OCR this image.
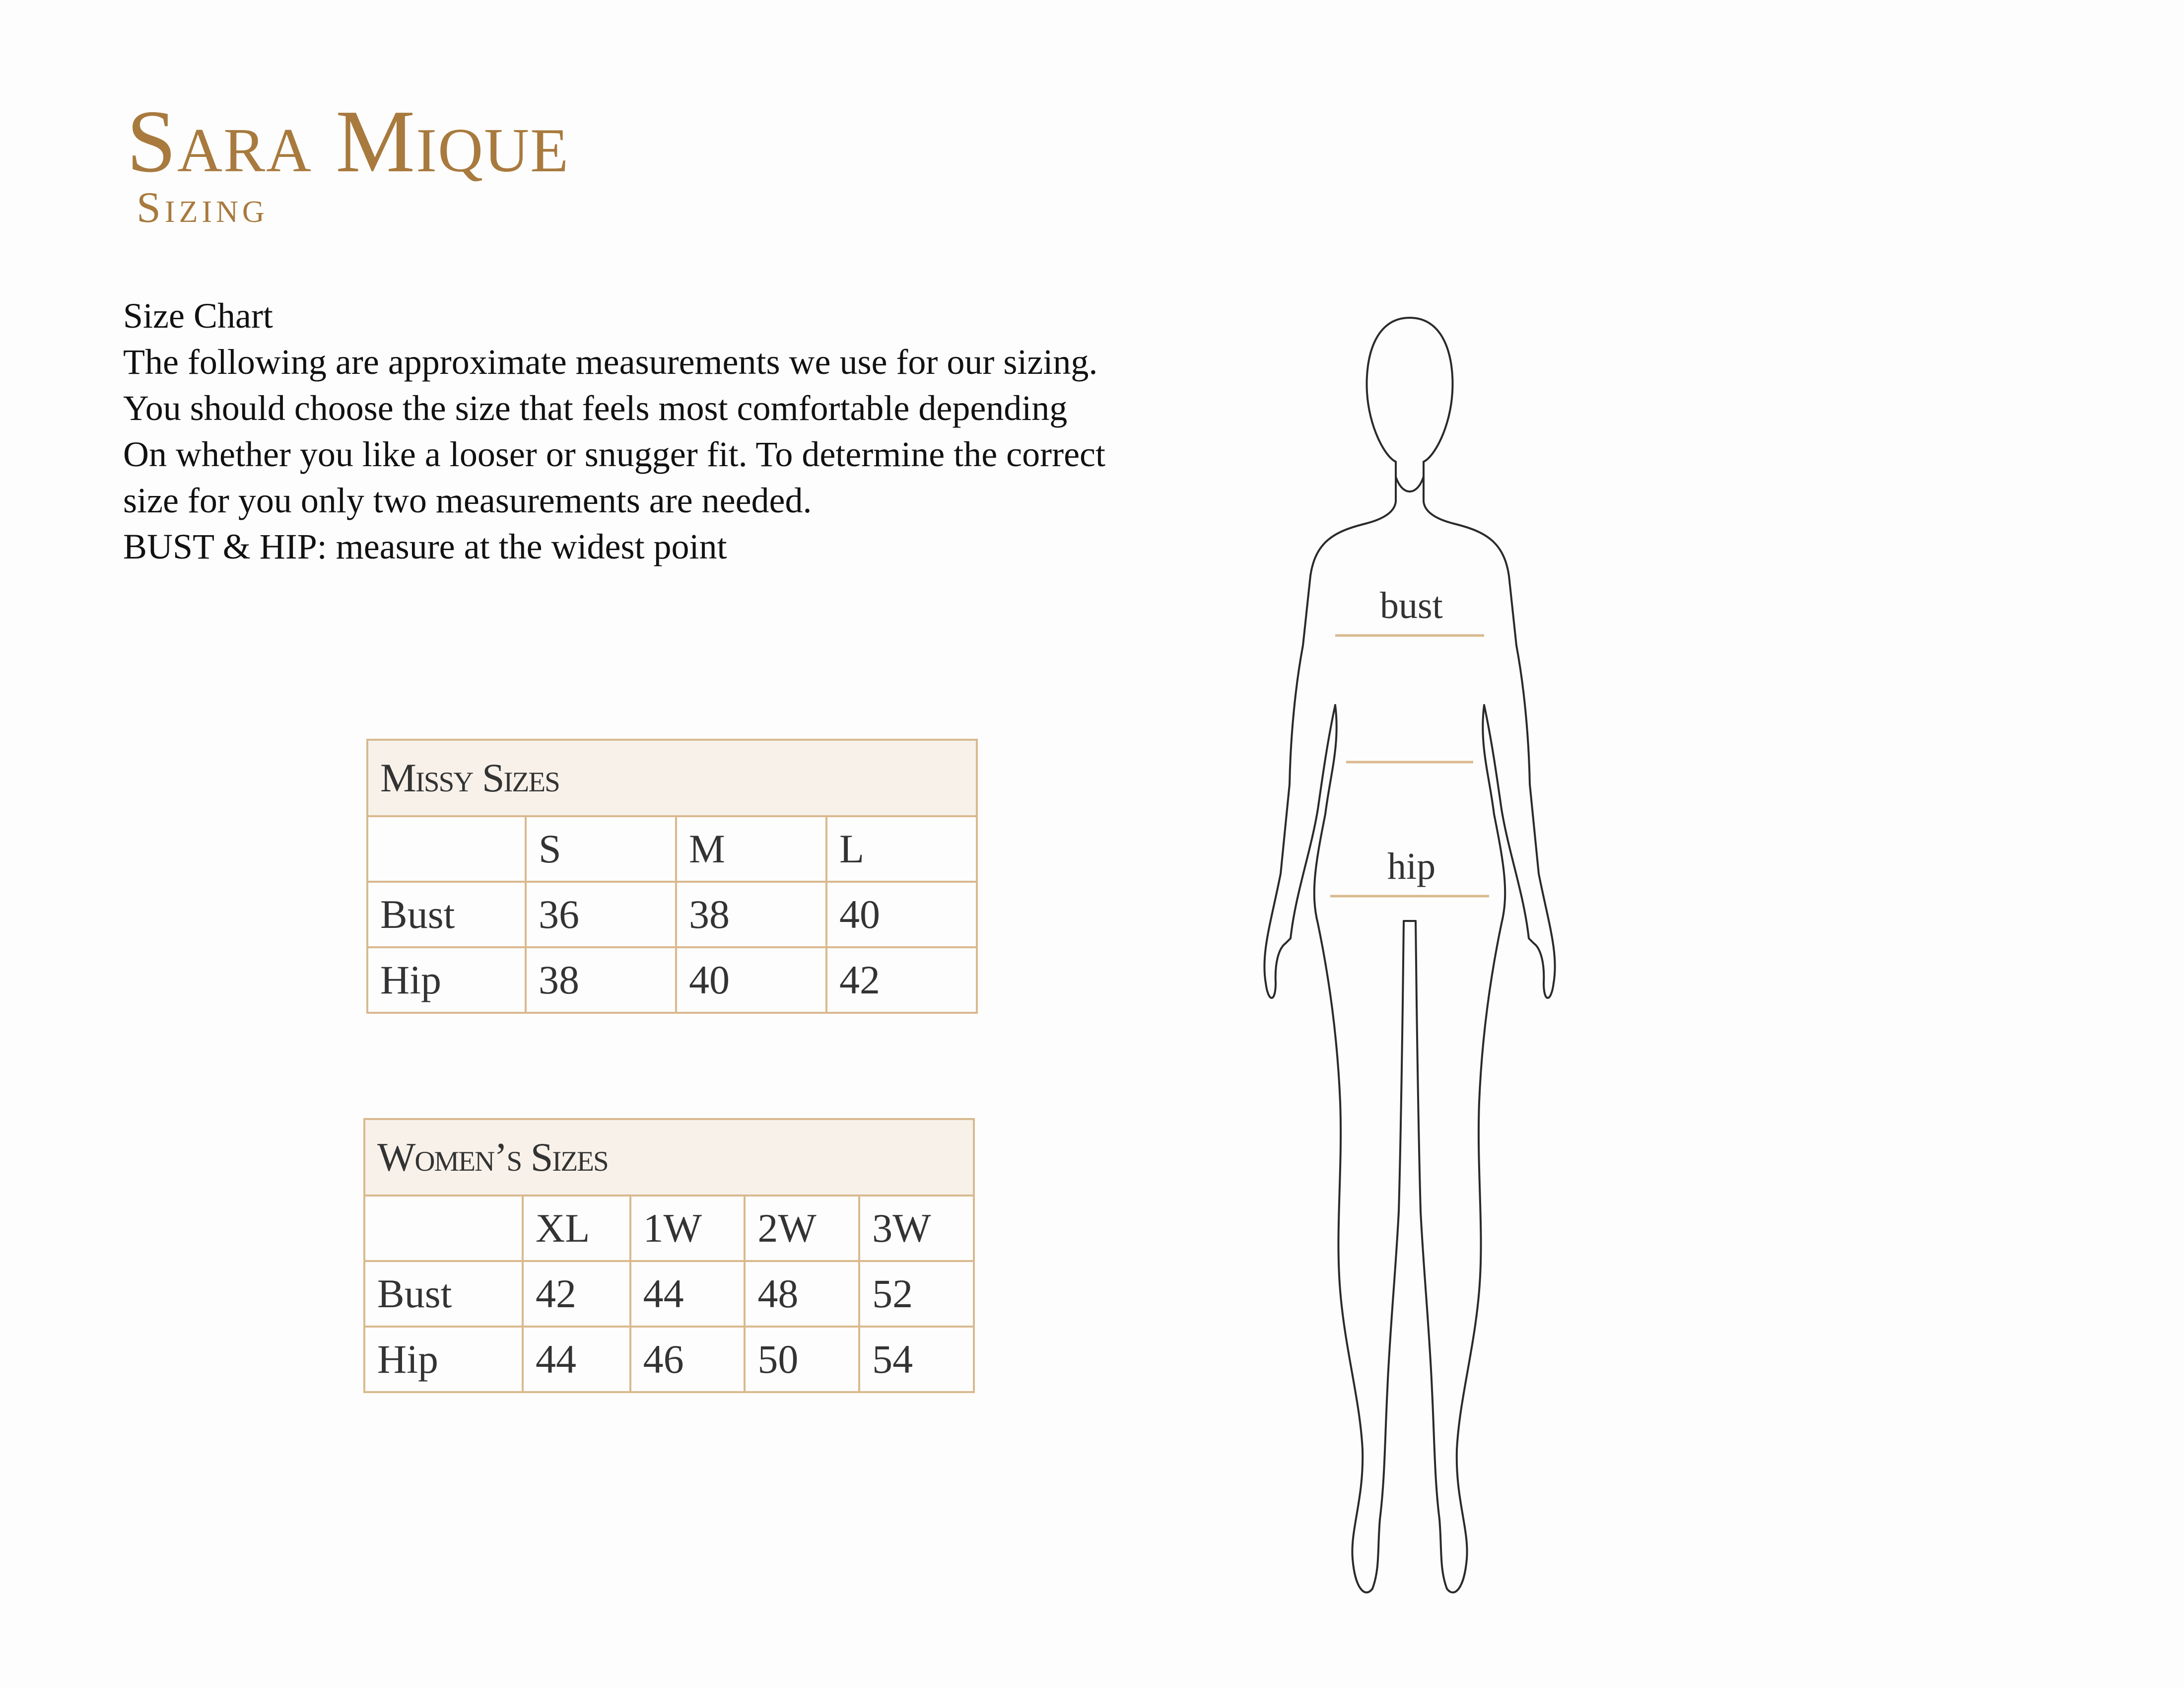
Sara Mique
Sizing
Size Chart
The following are approximate measurements we use for our sizing.
You should choose the size that feels most comfortable depending
On whether you like a looser or snugger fit. To determine the correct
size for you only two measurements are needed.
BUST & HIP: measure at the widest point
Missy Sizes			
	S	M	L
Bust	36	38	40
Hip	38	40	42
Women’s Sizes				
	XL	1W	2W	3W
Bust	42	44	48	52
Hip	44	46	50	54
bust
hip
